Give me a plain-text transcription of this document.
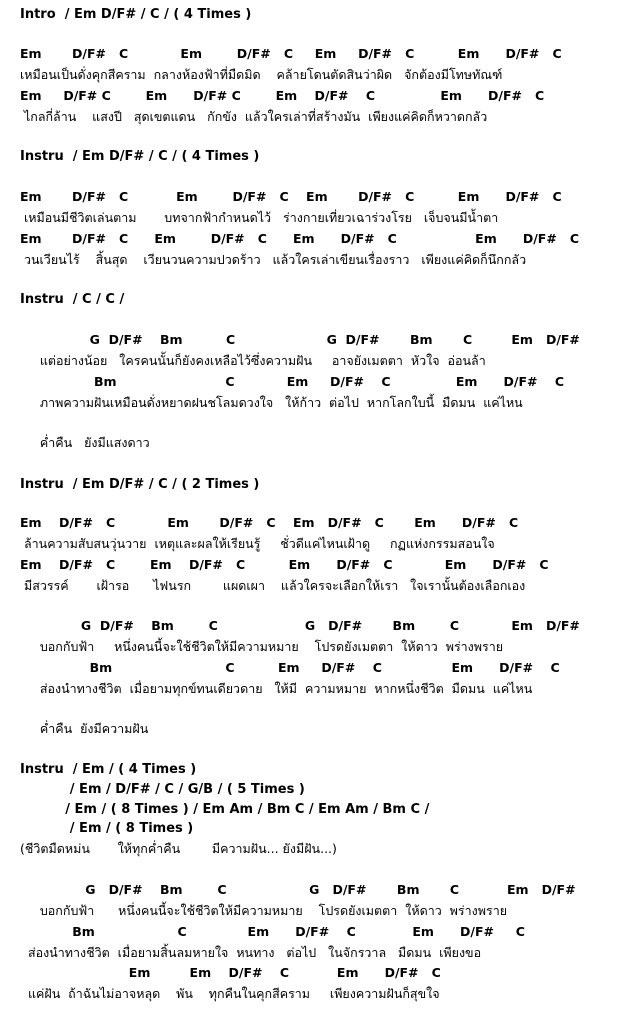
Intro  / Em D/F# / C / ( 4 Times )
Em       D/F#   C            Em        D/F#   C     Em     D/F#   C          Em      D/F#   C
เหมือนเป็นดั่งคุกสีคราม  กลางห้องฟ้าที่มืดมิด    คล้ายโดนตัดสินว่าผิด   จักต้องมีโทษทัณฑ์
Em     D/F# C        Em      D/F# C        Em    D/F#    C               Em      D/F#   C
ไกลกี่ล้าน    แสงปี   สุดเขตแดน   กักขัง  แล้วใครเล่าที่สร้างมัน  เพียงแค่คิดก็หวาดกลัว
Instru  / Em D/F# / C / ( 4 Times )
Em       D/F#   C           Em        D/F#   C    Em       D/F#   C          Em      D/F#   C
เหมือนมีชีวิตเล่นตาม       บทจากฟ้ากำหนดไว้   ร่างกายเที่ยวเฉาร่วงโรย   เจ็บจนมีน้ำตา
Em       D/F#   C      Em        D/F#   C      Em      D/F#   C                  Em      D/F#   C
วนเวียนไร้    สิ้นสุด    เวียนวนความปวดร้าว   แล้วใครเล่าเขียนเรื่องราว   เพียงแค่คิดก็นึกกลัว
Instru  / C / C /
G  D/F#    Bm          C                     G  D/F#       Bm       C         Em   D/F#
แต่อย่างน้อย   ใครคนนั้นก็ยังคงเหลือไว้ซึ่งความฝัน     อาจยังเมตตา  หัวใจ  อ่อนล้า
Bm                         C            Em     D/F#    C               Em      D/F#    C
ภาพความฝันเหมือนดั่งหยาดฝนชโลมดวงใจ   ให้ก้าว  ต่อไป  หากโลกใบนี้  มืดมน  แค่ไหน
ค่ำคืน   ยังมีแสงดาว
Instru  / Em D/F# / C / ( 2 Times )
Em    D/F#   C            Em       D/F#   C    Em   D/F#   C       Em      D/F#   C
ล้านความสับสนวุ่นวาย  เหตุและผลให้เรียนรู้     ชั่วดีแค่ไหนเฝ้าดู     กฏแห่งกรรมสอนใจ
Em    D/F#   C        Em    D/F#   C          Em      D/F#   C            Em      D/F#   C
มีสวรรค์       เฝ้ารอ      ไฟนรก        แผดเผา    แล้วใครจะเลือกให้เรา   ใจเรานั้นต้องเลือกเอง
G  D/F#    Bm        C                    G   D/F#       Bm        C            Em   D/F#
บอกกับฟ้า     หนึ่งคนนี้จะใช้ชีวิตให้มีความหมาย    โปรดยังเมตตา  ให้ดาว  พร่างพราย
Bm                          C          Em     D/F#    C                Em      D/F#    C
ส่องนำทางชีวิต  เมื่อยามทุกข์ทนเดียวดาย   ให้มี  ความหมาย  หากหนึ่งชีวิต  มืดมน  แค่ไหน
ค่ำคืน  ยังมีความฝัน
Instru  / Em / ( 4 Times )
/ Em / D/F# / C / G/B / ( 5 Times )
/ Em / ( 8 Times ) / Em Am / Bm C / Em Am / Bm C /
/ Em / ( 8 Times )
(ชีวิตมืดหม่น       ให้ทุกค่ำคืน        มีความฝัน... ยังมีฝัน...)
G   D/F#    Bm        C                   G   D/F#       Bm       C           Em   D/F#
บอกกับฟ้า      หนึ่งคนนี้จะใช้ชีวิตให้มีความหมาย    โปรดยังเมตตา  ให้ดาว  พร่างพราย
Bm                   C              Em      D/F#    C             Em      D/F#     C
ส่องนำทางชีวิต  เมื่อยามสิ้นลมหายใจ  หนทาง   ต่อไป   ในจักรวาล   มืดมน  เพียงขอ
Em         Em    D/F#    C           Em      D/F#   C
แค่ฝัน  ถ้าฉันไม่อาจหลุด    พัน    ทุกคืนในคุกสีคราม     เพียงความฝันก็สุขใจ
